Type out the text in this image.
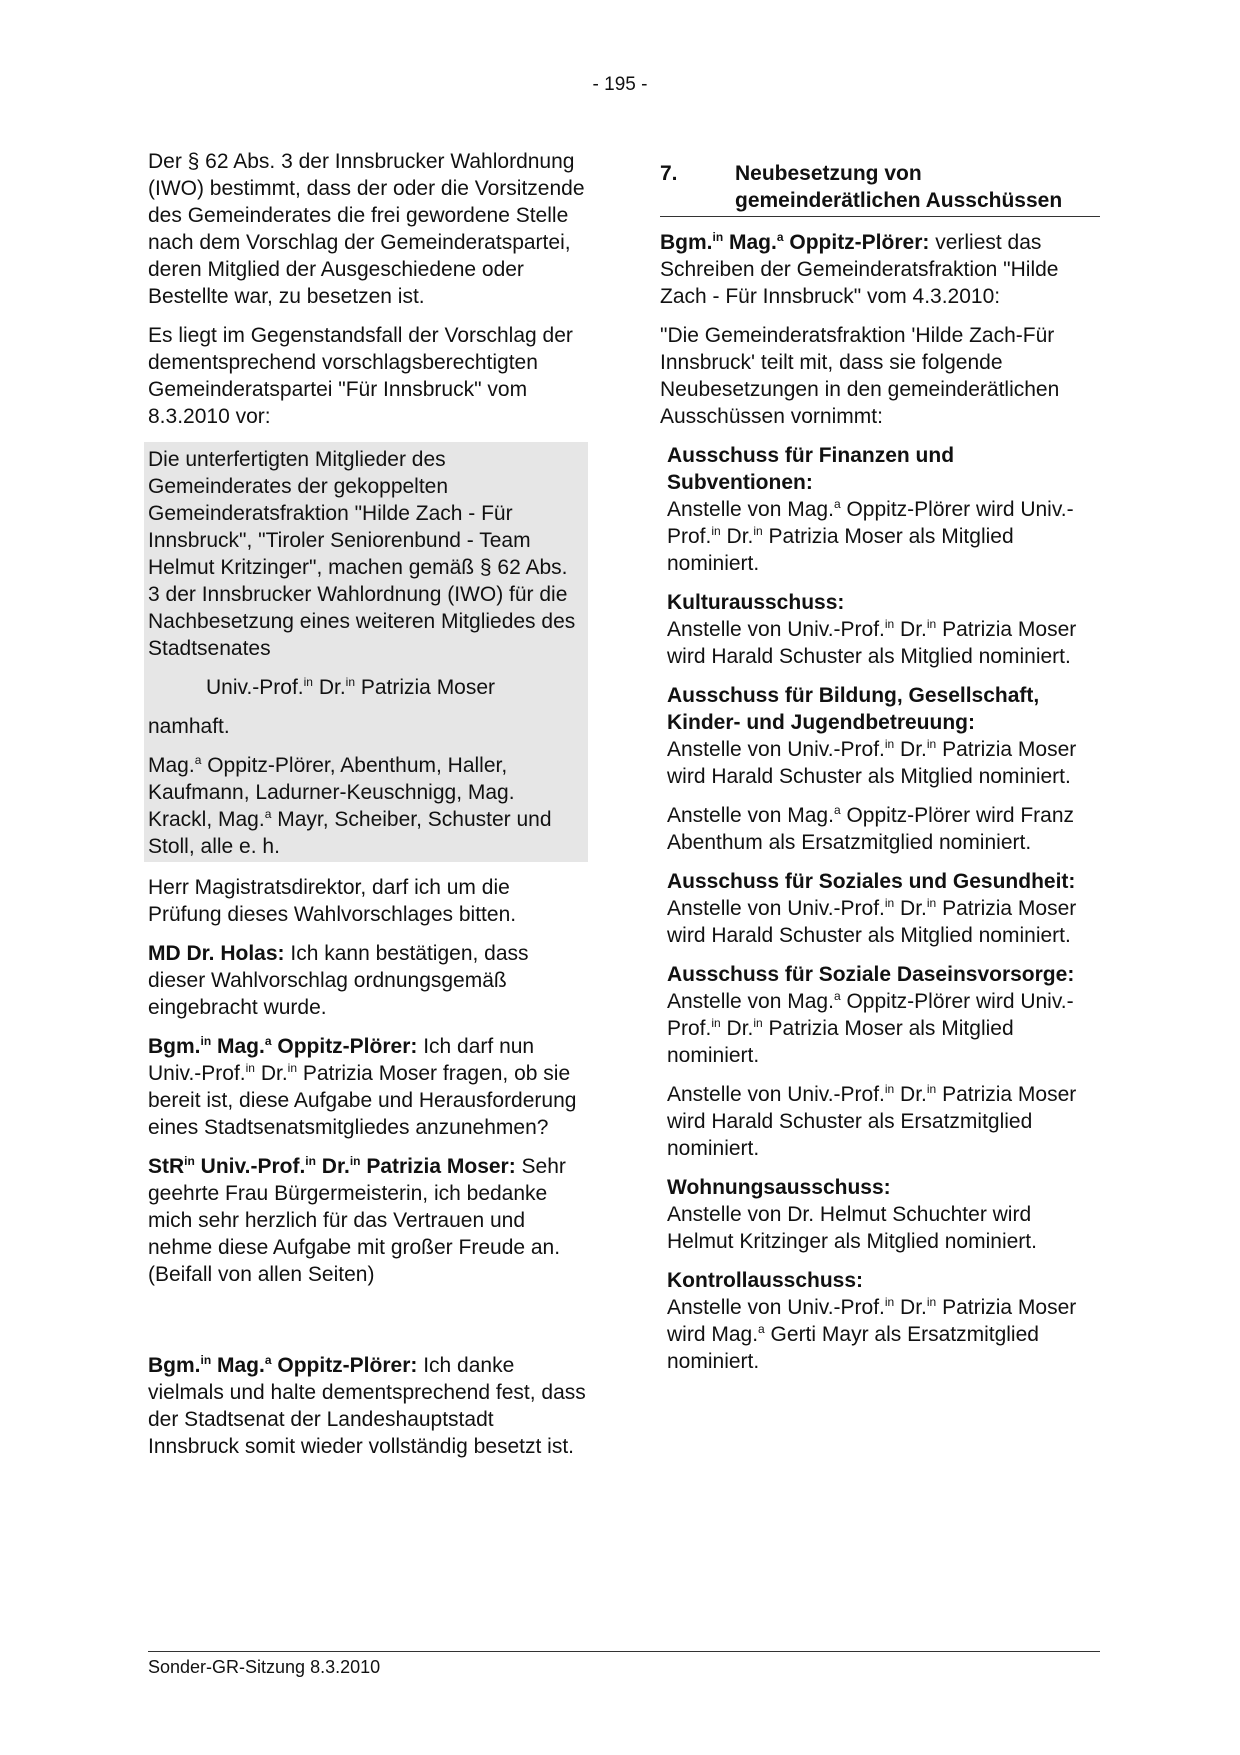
- 195 -

Der § 62 Abs. 3 der Innsbrucker Wahlordnung (IWO) bestimmt, dass der oder die Vorsitzende des Gemeinderates die frei gewordene Stelle nach dem Vorschlag der Gemeinderatspartei, deren Mitglied der Ausgeschiedene oder Bestellte war, zu besetzen ist.

Es liegt im Gegenstandsfall der Vorschlag der dementsprechend vorschlagsberechtigten Gemeinderatspartei "Für Innsbruck" vom 8.3.2010 vor:

Die unterfertigten Mitglieder des Gemeinderates der gekoppelten Gemeinderatsfraktion "Hilde Zach - Für Innsbruck", "Tiroler Seniorenbund - Team Helmut Kritzinger", machen gemäß § 62 Abs. 3 der Innsbrucker Wahlordnung (IWO) für die Nachbesetzung eines weiteren Mitgliedes des Stadtsenates

Univ.-Prof.$^{in}$ Dr.$^{in}$ Patrizia Moser

namhaft.

Mag.$^a$ Oppitz-Plörer, Abenthum, Haller, Kaufmann, Ladurner-Keuschnigg, Mag. Krackl, Mag.$^a$ Mayr, Scheiber, Schuster und Stoll, alle e. h.

Herr Magistratsdirektor, darf ich um die Prüfung dieses Wahlvorschlages bitten.

MD Dr. Holas: Ich kann bestätigen, dass dieser Wahlvorschlag ordnungsgemäß eingebracht wurde.

Bgm.$^{in}$ Mag.$^a$ Oppitz-Plörer: Ich darf nun Univ.-Prof.$^{in}$ Dr.$^{in}$ Patrizia Moser fragen, ob sie bereit ist, diese Aufgabe und Herausforderung eines Stadtsenatsmitgliedes anzunehmen?

StR$^{in}$ Univ.-Prof.$^{in}$ Dr.$^{in}$ Patrizia Moser: Sehr geehrte Frau Bürgermeisterin, ich bedanke mich sehr herzlich für das Vertrauen und nehme diese Aufgabe mit großer Freude an. (Beifall von allen Seiten)

Bgm.$^{in}$ Mag.$^a$ Oppitz-Plörer: Ich danke vielmals und halte dementsprechend fest, dass der Stadtsenat der Landeshauptstadt Innsbruck somit wieder vollständig besetzt ist.

7.	Neubesetzung von gemeinderätlichen Ausschüssen

Bgm.$^{in}$ Mag.$^a$ Oppitz-Plörer: verliest das Schreiben der Gemeinderatsfraktion "Hilde Zach - Für Innsbruck" vom 4.3.2010:

"Die Gemeinderatsfraktion 'Hilde Zach-Für Innsbruck' teilt mit, dass sie folgende Neubesetzungen in den gemeinderätlichen Ausschüssen vornimmt:

Ausschuss für Finanzen und Subventionen:
Anstelle von Mag.$^a$ Oppitz-Plörer wird Univ.-Prof.$^{in}$ Dr.$^{in}$ Patrizia Moser als Mitglied nominiert.

Kulturausschuss:
Anstelle von Univ.-Prof.$^{in}$ Dr.$^{in}$ Patrizia Moser wird Harald Schuster als Mitglied nominiert.

Ausschuss für Bildung, Gesellschaft, Kinder- und Jugendbetreuung:
Anstelle von Univ.-Prof.$^{in}$ Dr.$^{in}$ Patrizia Moser wird Harald Schuster als Mitglied nominiert.

Anstelle von Mag.$^a$ Oppitz-Plörer wird Franz Abenthum als Ersatzmitglied nominiert.

Ausschuss für Soziales und Gesundheit:
Anstelle von Univ.-Prof.$^{in}$ Dr.$^{in}$ Patrizia Moser wird Harald Schuster als Mitglied nominiert.

Ausschuss für Soziale Daseinsvorsorge:
Anstelle von Mag.$^a$ Oppitz-Plörer wird Univ.-Prof.$^{in}$ Dr.$^{in}$ Patrizia Moser als Mitglied nominiert.

Anstelle von Univ.-Prof.$^{in}$ Dr.$^{in}$ Patrizia Moser wird Harald Schuster als Ersatzmitglied nominiert.

Wohnungsausschuss:
Anstelle von Dr. Helmut Schuchter wird Helmut Kritzinger als Mitglied nominiert.

Kontrollausschuss:
Anstelle von Univ.-Prof.$^{in}$ Dr.$^{in}$ Patrizia Moser wird Mag.$^a$ Gerti Mayr als Ersatzmitglied nominiert.

Sonder-GR-Sitzung 8.3.2010
